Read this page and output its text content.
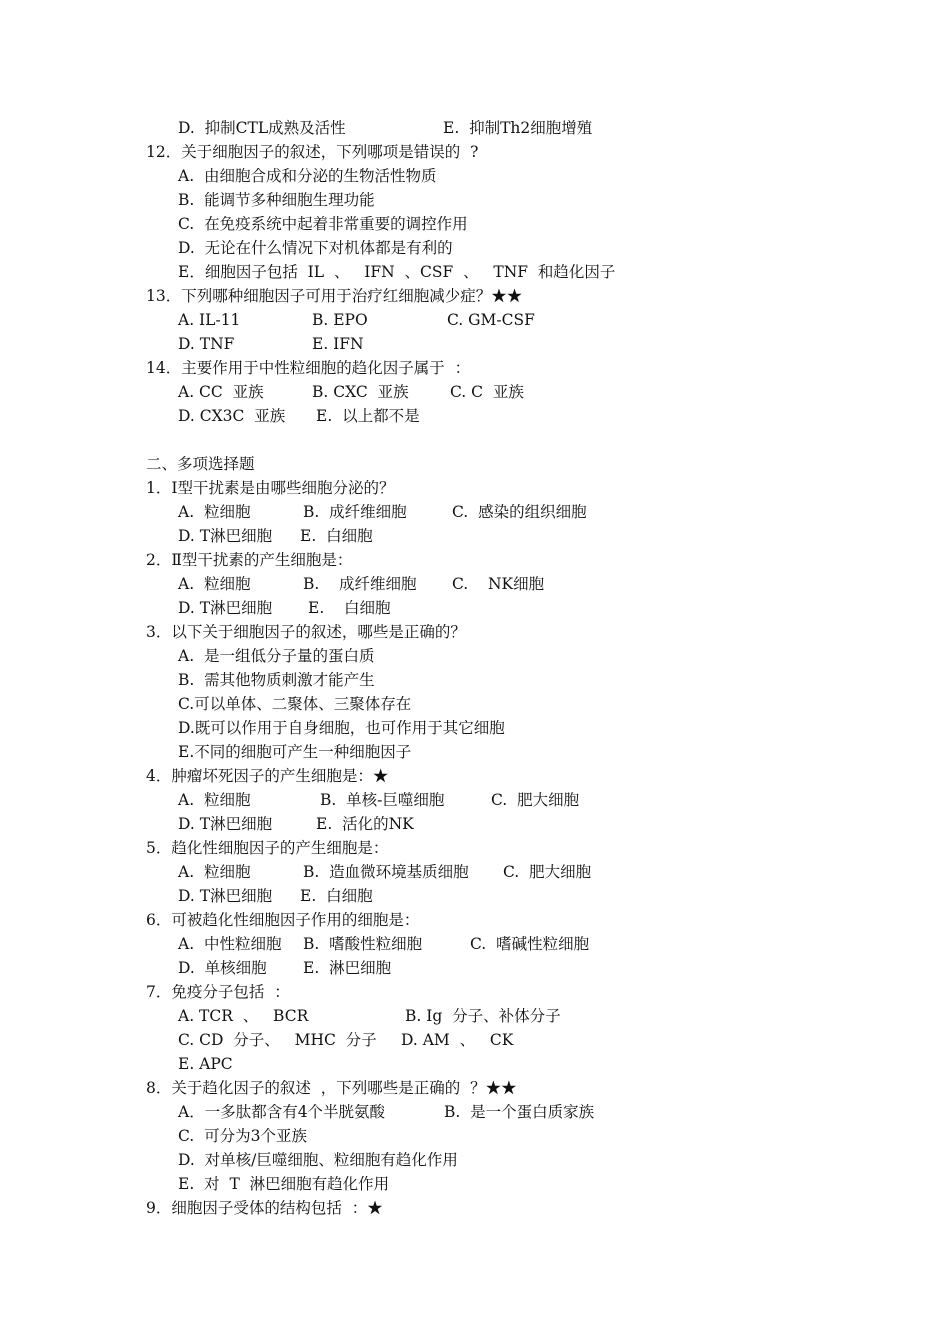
D.  抑制CTL成熟及活性	E.  抑制Th2细胞增殖
12．关于细胞因子的叙述，下列哪项是错误的  ?
A.  由细胞合成和分泌的生物活性物质
B.  能调节多种细胞生理功能
C.  在免疫系统中起着非常重要的调控作用
D.  无论在什么情况下对机体都是有利的
E．细胞因子包括  IL  、   IFN  、CSF  、   TNF  和趋化因子
13．下列哪种细胞因子可用于治疗红细胞减少症？★★
A. IL-11	B. EPO	C. GM-CSF
D. TNF	E. IFN
14．主要作用于中性粒细胞的趋化因子属于  ：
A. CC  亚族	B. CXC  亚族	C. C  亚族
D. CX3C  亚族 E.  以上都不是
二、多项选择题
1．I型干扰素是由哪些细胞分泌的？
A.  粒细胞	B.  成纤维细胞	C.  感染的组织细胞
D. T淋巴细胞 E.  白细胞
2．Ⅱ型干扰素的产生细胞是：
A.  粒细胞	B.    成纤维细胞 C.    NK细胞
D. T淋巴细胞 E.    白细胞
3．以下关于细胞因子的叙述，哪些是正确的？
A.  是一组低分子量的蛋白质
B.  需其他物质刺激才能产生
C.可以单体、二聚体、三聚体存在
D.既可以作用于自身细胞，也可作用于其它细胞
E.不同的细胞可产生一种细胞因子
4．肿瘤坏死因子的产生细胞是：★
A.  粒细胞	B.  单核-巨噬细胞	C.  肥大细胞
D. T淋巴细胞	E.  活化的NK
5．趋化性细胞因子的产生细胞是：
A.  粒细胞	B.  造血微环境基质细胞 C.  肥大细胞
D. T淋巴细胞 E.  白细胞
6．可被趋化性细胞因子作用的细胞是：
A.  中性粒细胞 B.  嗜酸性粒细胞	C.  嗜碱性粒细胞
D.  单核细胞 E.  淋巴细胞
7．免疫分子包括  ：
A. TCR  、   BCR	B. Ig  分子、补体分子
C. CD  分子、   MHC  分子 D. AM  、   CK
E. APC
8．关于趋化因子的叙述  ，下列哪些是正确的  ？★★
A．一多肽都含有4个半胱氨酸	B.  是一个蛋白质家族
C.  可分为3个亚族
D.  对单核/巨噬细胞、粒细胞有趋化作用
E.  对  T  淋巴细胞有趋化作用
9．细胞因子受体的结构包括  ：★
